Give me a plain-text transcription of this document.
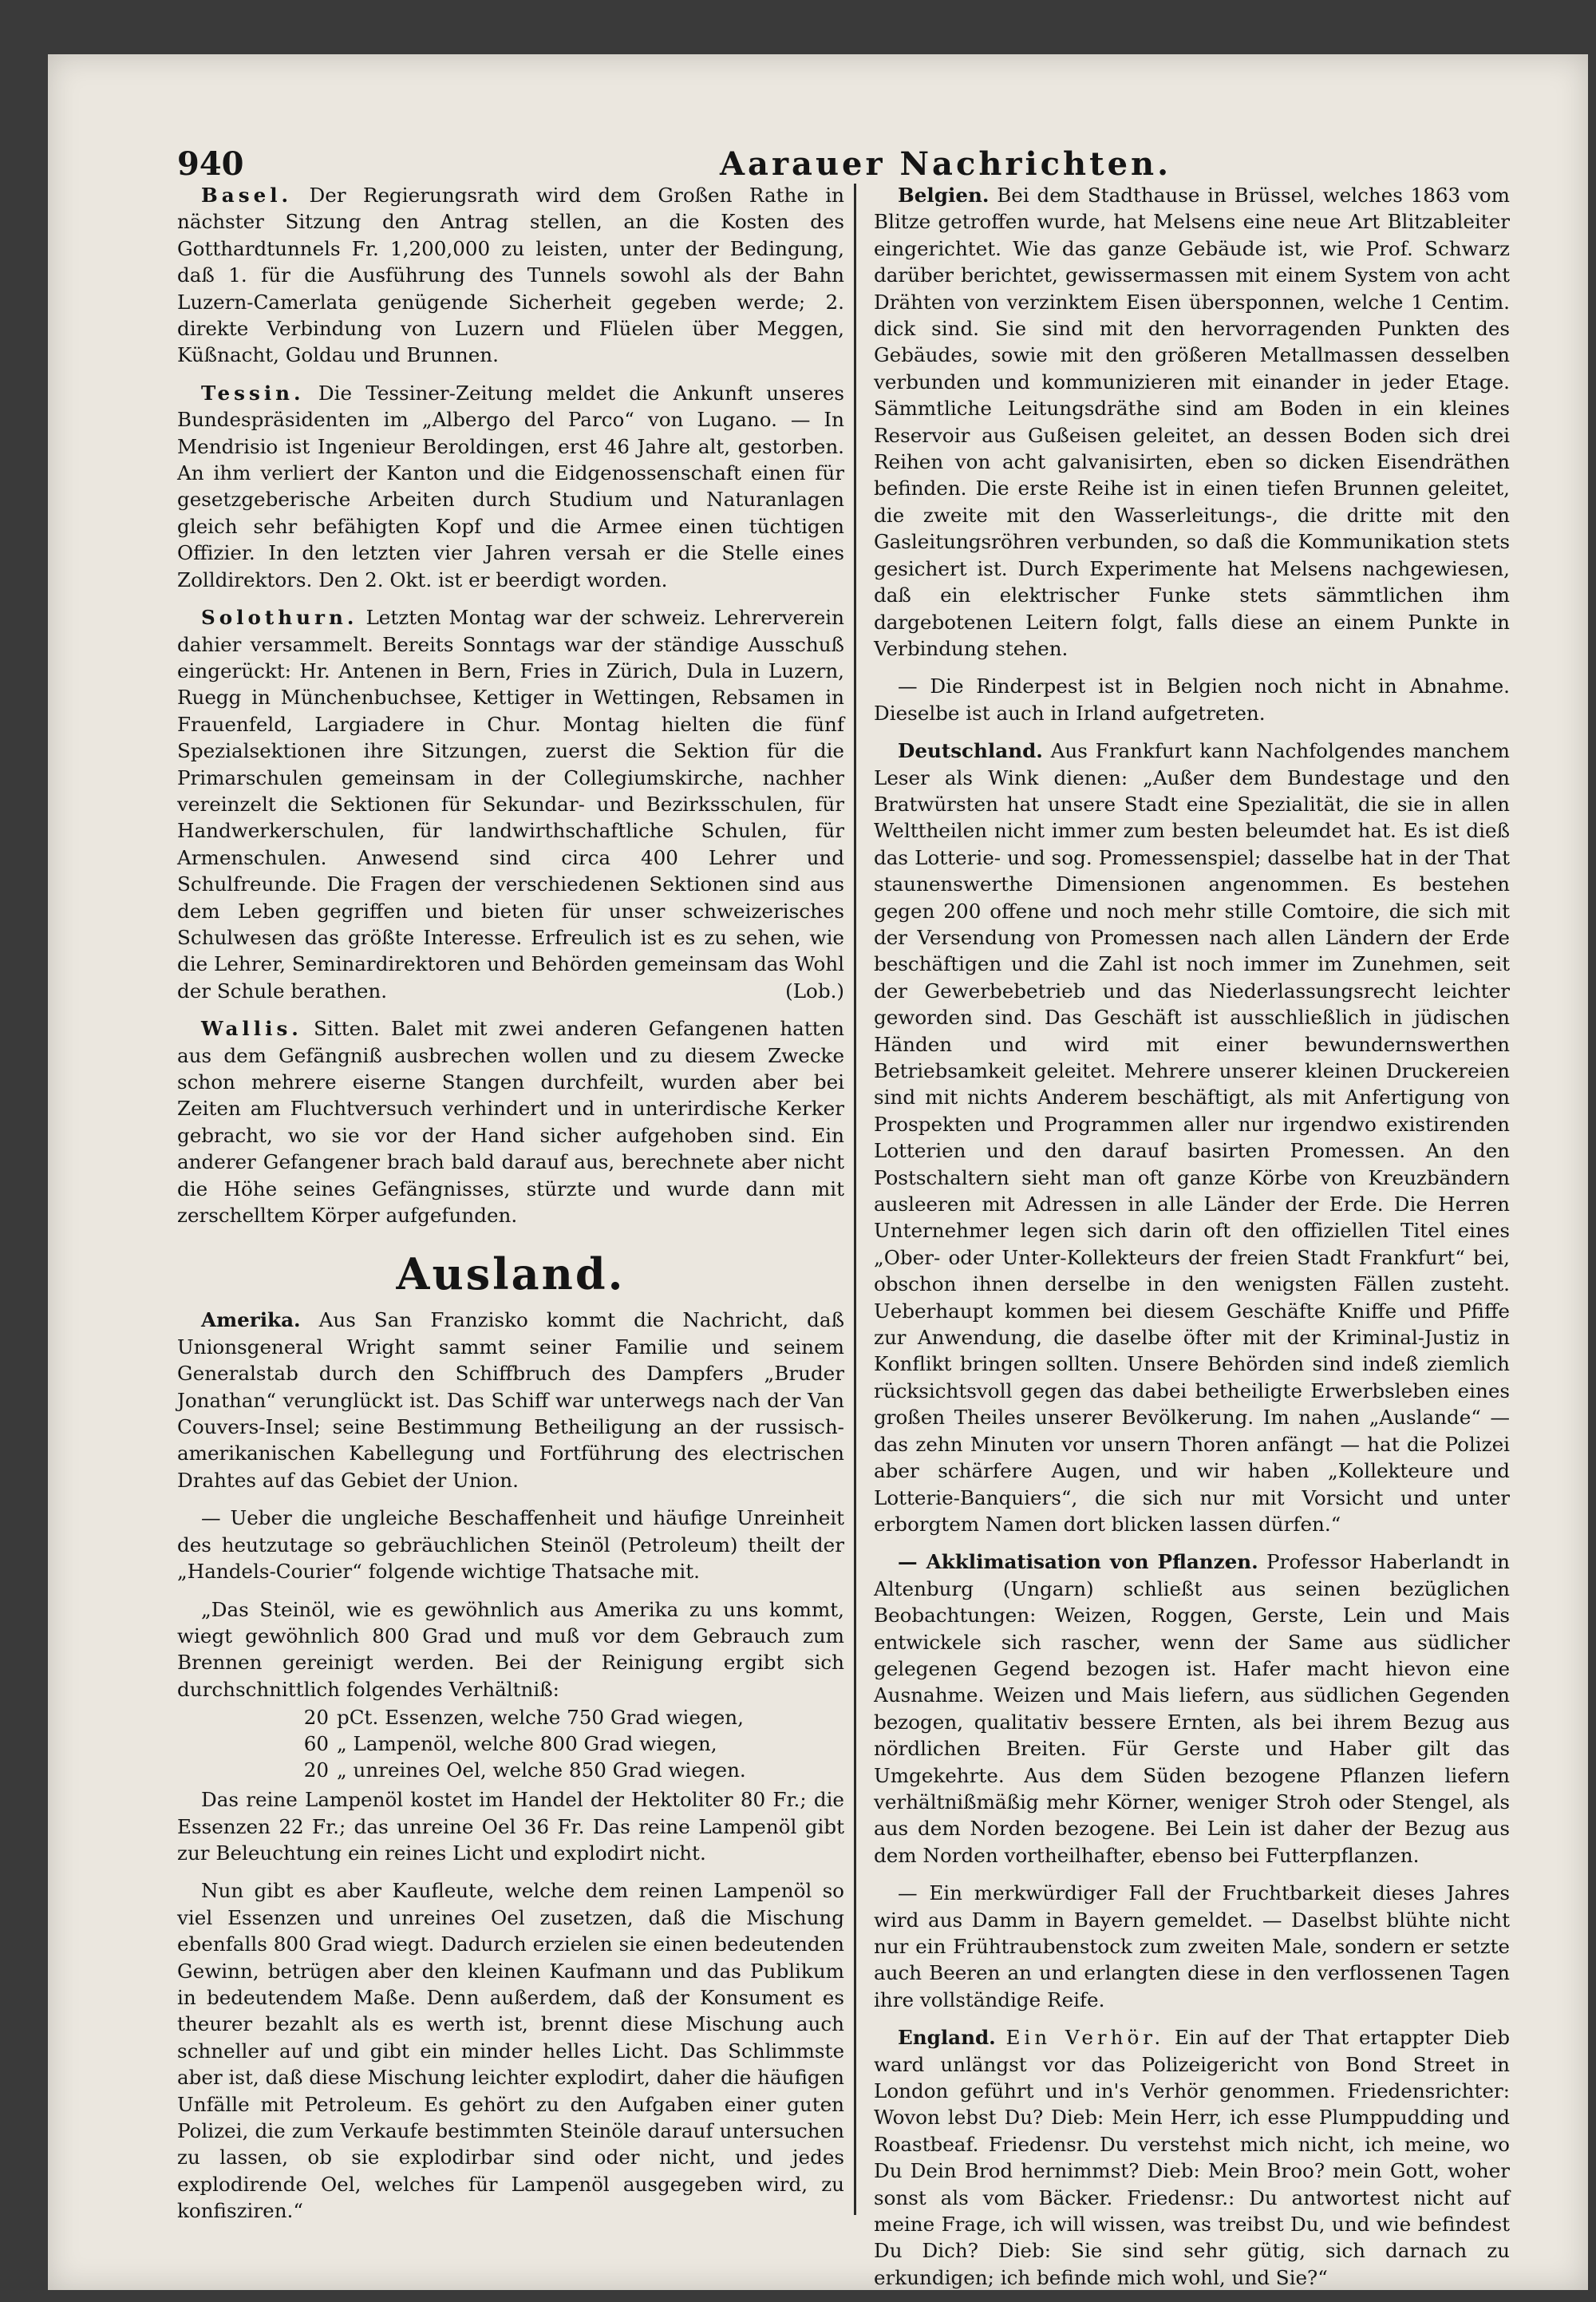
940	Aarauer Nachrichten.

Basel. Der Regierungsrath wird dem Großen Rathe in nächster Sitzung den Antrag stellen, an die Kosten des Gotthardtunnels Fr. 1,200,000 zu leisten, unter der Bedingung, daß 1. für die Ausführung des Tunnels sowohl als der Bahn Luzern-Camerlata genügende Sicherheit gegeben werde; 2. direkte Verbindung von Luzern und Flüelen über Meggen, Küßnacht, Goldau und Brunnen.

Tessin. Die Tessiner-Zeitung meldet die Ankunft unseres Bundespräsidenten im „Albergo del Parco“ von Lugano. — In Mendrisio ist Ingenieur Beroldingen, erst 46 Jahre alt, gestorben. An ihm verliert der Kanton und die Eidgenossenschaft einen für gesetzgeberische Arbeiten durch Studium und Naturanlagen gleich sehr befähigten Kopf und die Armee einen tüchtigen Offizier. In den letzten vier Jahren versah er die Stelle eines Zolldirektors. Den 2. Okt. ist er beerdigt worden.

Solothurn. Letzten Montag war der schweiz. Lehrerverein dahier versammelt. Bereits Sonntags war der ständige Ausschuß eingerückt: Hr. Antenen in Bern, Fries in Zürich, Dula in Luzern, Ruegg in Münchenbuchsee, Kettiger in Wettingen, Rebsamen in Frauenfeld, Largiadere in Chur. Montag hielten die fünf Spezialsektionen ihre Sitzungen, zuerst die Sektion für die Primarschulen gemeinsam in der Collegiumskirche, nachher vereinzelt die Sektionen für Sekundar- und Bezirksschulen, für Handwerkerschulen, für landwirthschaftliche Schulen, für Armenschulen. Anwesend sind circa 400 Lehrer und Schulfreunde. Die Fragen der verschiedenen Sektionen sind aus dem Leben gegriffen und bieten für unser schweizerisches Schulwesen das größte Interesse. Erfreulich ist es zu sehen, wie die Lehrer, Seminardirektoren und Behörden gemeinsam das Wohl der Schule berathen.	(Lob.)

Wallis. Sitten. Balet mit zwei anderen Gefangenen hatten aus dem Gefängniß ausbrechen wollen und zu diesem Zwecke schon mehrere eiserne Stangen durchfeilt, wurden aber bei Zeiten am Fluchtversuch verhindert und in unterirdische Kerker gebracht, wo sie vor der Hand sicher aufgehoben sind. Ein anderer Gefangener brach bald darauf aus, berechnete aber nicht die Höhe seines Gefängnisses, stürzte und wurde dann mit zerschelltem Körper aufgefunden.

Ausland.

Amerika. Aus San Franzisko kommt die Nachricht, daß Unionsgeneral Wright sammt seiner Familie und seinem Generalstab durch den Schiffbruch des Dampfers „Bruder Jonathan“ verunglückt ist. Das Schiff war unterwegs nach der Van Couvers-Insel; seine Bestimmung Betheiligung an der russisch-amerikanischen Kabellegung und Fortführung des electrischen Drahtes auf das Gebiet der Union.

— Ueber die ungleiche Beschaffenheit und häufige Unreinheit des heutzutage so gebräuchlichen Steinöl (Petroleum) theilt der „Handels-Courier“ folgende wichtige Thatsache mit.

„Das Steinöl, wie es gewöhnlich aus Amerika zu uns kommt, wiegt gewöhnlich 800 Grad und muß vor dem Gebrauch zum Brennen gereinigt werden. Bei der Reinigung ergibt sich durchschnittlich folgendes Verhältniß:

20	pCt. Essenzen, welche 750 Grad wiegen,
60	„ Lampenöl, welche 800 Grad wiegen,
20	„ unreines Oel, welche 850 Grad wiegen.

Das reine Lampenöl kostet im Handel der Hektoliter 80 Fr.; die Essenzen 22 Fr.; das unreine Oel 36 Fr. Das reine Lampenöl gibt zur Beleuchtung ein reines Licht und explodirt nicht.

Nun gibt es aber Kaufleute, welche dem reinen Lampenöl so viel Essenzen und unreines Oel zusetzen, daß die Mischung ebenfalls 800 Grad wiegt. Dadurch erzielen sie einen bedeutenden Gewinn, betrügen aber den kleinen Kaufmann und das Publikum in bedeutendem Maße. Denn außerdem, daß der Konsument es theurer bezahlt als es werth ist, brennt diese Mischung auch schneller auf und gibt ein minder helles Licht. Das Schlimmste aber ist, daß diese Mischung leichter explodirt, daher die häufigen Unfälle mit Petroleum. Es gehört zu den Aufgaben einer guten Polizei, die zum Verkaufe bestimmten Steinöle darauf untersuchen zu lassen, ob sie explodirbar sind oder nicht, und jedes explodirende Oel, welches für Lampenöl ausgegeben wird, zu konfisziren.“

Belgien. Bei dem Stadthause in Brüssel, welches 1863 vom Blitze getroffen wurde, hat Melsens eine neue Art Blitzableiter eingerichtet. Wie das ganze Gebäude ist, wie Prof. Schwarz darüber berichtet, gewissermassen mit einem System von acht Drähten von verzinktem Eisen übersponnen, welche 1 Centim. dick sind. Sie sind mit den hervorragenden Punkten des Gebäudes, sowie mit den größeren Metallmassen desselben verbunden und kommunizieren mit einander in jeder Etage. Sämmtliche Leitungsdräthe sind am Boden in ein kleines Reservoir aus Gußeisen geleitet, an dessen Boden sich drei Reihen von acht galvanisirten, eben so dicken Eisendräthen befinden. Die erste Reihe ist in einen tiefen Brunnen geleitet, die zweite mit den Wasserleitungs-, die dritte mit den Gasleitungsröhren verbunden, so daß die Kommunikation stets gesichert ist. Durch Experimente hat Melsens nachgewiesen, daß ein elektrischer Funke stets sämmtlichen ihm dargebotenen Leitern folgt, falls diese an einem Punkte in Verbindung stehen.

— Die Rinderpest ist in Belgien noch nicht in Abnahme. Dieselbe ist auch in Irland aufgetreten.

Deutschland. Aus Frankfurt kann Nachfolgendes manchem Leser als Wink dienen: „Außer dem Bundestage und den Bratwürsten hat unsere Stadt eine Spezialität, die sie in allen Welttheilen nicht immer zum besten beleumdet hat. Es ist dieß das Lotterie- und sog. Promessenspiel; dasselbe hat in der That staunenswerthe Dimensionen angenommen. Es bestehen gegen 200 offene und noch mehr stille Comtoire, die sich mit der Versendung von Promessen nach allen Ländern der Erde beschäftigen und die Zahl ist noch immer im Zunehmen, seit der Gewerbebetrieb und das Niederlassungsrecht leichter geworden sind. Das Geschäft ist ausschließlich in jüdischen Händen und wird mit einer bewundernswerthen Betriebsamkeit geleitet. Mehrere unserer kleinen Druckereien sind mit nichts Anderem beschäftigt, als mit Anfertigung von Prospekten und Programmen aller nur irgendwo existirenden Lotterien und den darauf basirten Promessen. An den Postschaltern sieht man oft ganze Körbe von Kreuzbändern ausleeren mit Adressen in alle Länder der Erde. Die Herren Unternehmer legen sich darin oft den offiziellen Titel eines „Ober- oder Unter-Kollekteurs der freien Stadt Frankfurt“ bei, obschon ihnen derselbe in den wenigsten Fällen zusteht. Ueberhaupt kommen bei diesem Geschäfte Kniffe und Pfiffe zur Anwendung, die daselbe öfter mit der Kriminal-Justiz in Konflikt bringen sollten. Unsere Behörden sind indeß ziemlich rücksichtsvoll gegen das dabei betheiligte Erwerbsleben eines großen Theiles unserer Bevölkerung. Im nahen „Auslande“ — das zehn Minuten vor unsern Thoren anfängt — hat die Polizei aber schärfere Augen, und wir haben „Kollekteure und Lotterie-Banquiers“, die sich nur mit Vorsicht und unter erborgtem Namen dort blicken lassen dürfen.“

— Akklimatisation von Pflanzen. Professor Haberlandt in Altenburg (Ungarn) schließt aus seinen bezüglichen Beobachtungen: Weizen, Roggen, Gerste, Lein und Mais entwickele sich rascher, wenn der Same aus südlicher gelegenen Gegend bezogen ist. Hafer macht hievon eine Ausnahme. Weizen und Mais liefern, aus südlichen Gegenden bezogen, qualitativ bessere Ernten, als bei ihrem Bezug aus nördlichen Breiten. Für Gerste und Haber gilt das Umgekehrte. Aus dem Süden bezogene Pflanzen liefern verhältnißmäßig mehr Körner, weniger Stroh oder Stengel, als aus dem Norden bezogene. Bei Lein ist daher der Bezug aus dem Norden vortheilhafter, ebenso bei Futterpflanzen.

— Ein merkwürdiger Fall der Fruchtbarkeit dieses Jahres wird aus Damm in Bayern gemeldet. — Daselbst blühte nicht nur ein Frühtraubenstock zum zweiten Male, sondern er setzte auch Beeren an und erlangten diese in den verflossenen Tagen ihre vollständige Reife.

England. Ein Verhör. Ein auf der That ertappter Dieb ward unlängst vor das Polizeigericht von Bond Street in London geführt und in's Verhör genommen. Friedensrichter: Wovon lebst Du? Dieb: Mein Herr, ich esse Plumppudding und Roastbeaf. Friedensr. Du verstehst mich nicht, ich meine, wo Du Dein Brod hernimmst? Dieb: Mein Broo? mein Gott, woher sonst als vom Bäcker. Friedensr.: Du antwortest nicht auf meine Frage, ich will wissen, was treibst Du, und wie befindest Du Dich? Dieb: Sie sind sehr gütig, sich darnach zu erkundigen; ich befinde mich wohl, und Sie?“
